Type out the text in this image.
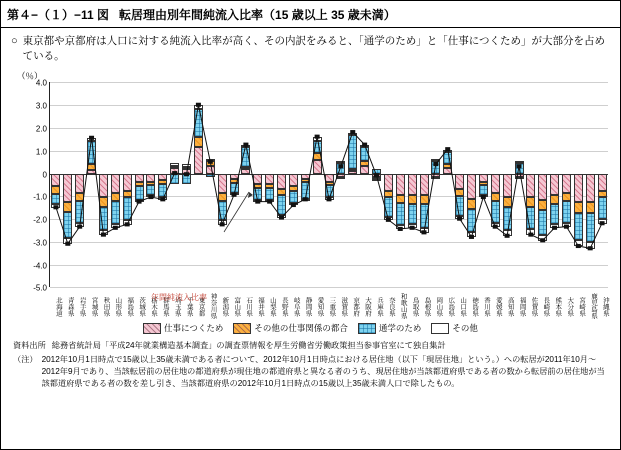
第４−（１）−11 図 転居理由別年間純流入比率（15 歳以上 35 歳未満）
○ 東京都や京都府は人口に対する純流入比率が高く、その内訳をみると、「通学のため」と「仕事につくため」が大部分を占めている。
（％）
4.0
3.0
2.0
1.0
0
-1.0
-2.0
-3.0
-4.0
-5.0
北海道 青森県 岩手県 宮城県 秋田県 山形県 福島県 茨城県 栃木県 群馬県 埼玉県 千葉県 東京都 神奈川県 新潟県 富山県 石川県 福井県 山梨県 長野県 岐阜県 静岡県 愛知県 三重県 滋賀県 京都府 大阪府 兵庫県 奈良県 和歌山県 鳥取県 島根県 岡山県 広島県 山口県 徳島県 香川県 愛媛県 高知県 福岡県 佐賀県 長崎県 熊本県 大分県 宮崎県 鹿児島県 沖縄県
年間純流入比率
仕事につくため	その他の仕事関係の都合	通学のため	その他
資料出所 総務省統計局「平成24年就業構造基本調査」の調査票情報を厚生労働省労働政策担当参事官室にて独自集計
（注） 2012年10月1日時点で15歳以上35歳未満である者について、2012年10月1日時点における居住地（以下「現居住地」という。）への転居が2011年10月〜2012年9月であり、当該転居前の居住地の都道府県が現住地の都道府県と異なる者のうち、現居住地が当該都道府県である者の数から転居前の居住地が当該都道府県である者の数を差し引き、当該都道府県の2012年10月1日時点の15歳以上35歳未満人口で除したもの。
